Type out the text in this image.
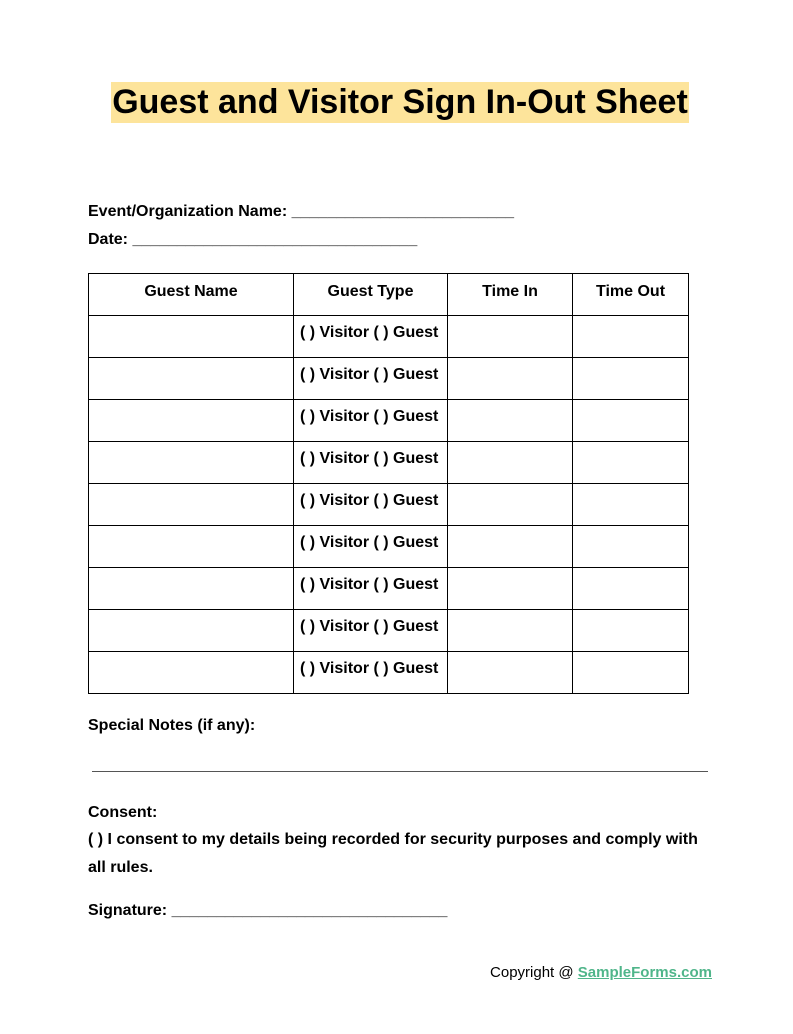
Guest and Visitor Sign In-Out Sheet
Event/Organization Name: _________________________
Date: ________________________________
Guest Name	Guest Type	Time In	Time Out
	( ) Visitor ( ) Guest		
	( ) Visitor ( ) Guest		
	( ) Visitor ( ) Guest		
	( ) Visitor ( ) Guest		
	( ) Visitor ( ) Guest		
	( ) Visitor ( ) Guest		
	( ) Visitor ( ) Guest		
	( ) Visitor ( ) Guest		
	( ) Visitor ( ) Guest		
Special Notes (if any):
Consent:
( ) I consent to my details being recorded for security purposes and comply with all rules.
Signature: _______________________________
Copyright @ SampleForms.com
